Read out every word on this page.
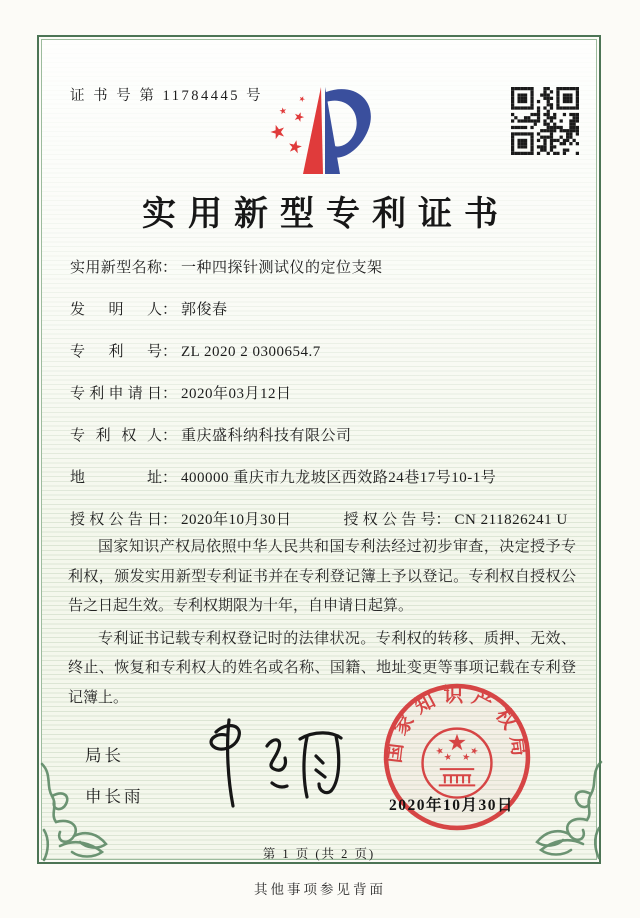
证 书 号 第 11784445 号
实用新型专利证书
实用新型名称： 一种四探针测试仪的定位支架
发明人： 郭俊春
专利号： ZL 2020 2 0300654.7
专利申请日： 2020年03月12日
专利权人： 重庆盛科纳科技有限公司
地址： 400000 重庆市九龙坡区西效路24巷17号10-1号
授权公告日： 2020年10月30日	授权公告号： CN 211826241 U

国家知识产权局依照中华人民共和国专利法经过初步审查，决定授予专利权，颁发实用新型专利证书并在专利登记簿上予以登记。专利权自授权公告之日起生效。专利权期限为十年，自申请日起算。

专利证书记载专利权登记时的法律状况。专利权的转移、质押、无效、终止、恢复和专利权人的姓名或名称、国籍、地址变更等事项记载在专利登记簿上。

局长
申长雨
国家知识产权局
2020年10月30日
第 1 页 (共 2 页)
其他事项参见背面
